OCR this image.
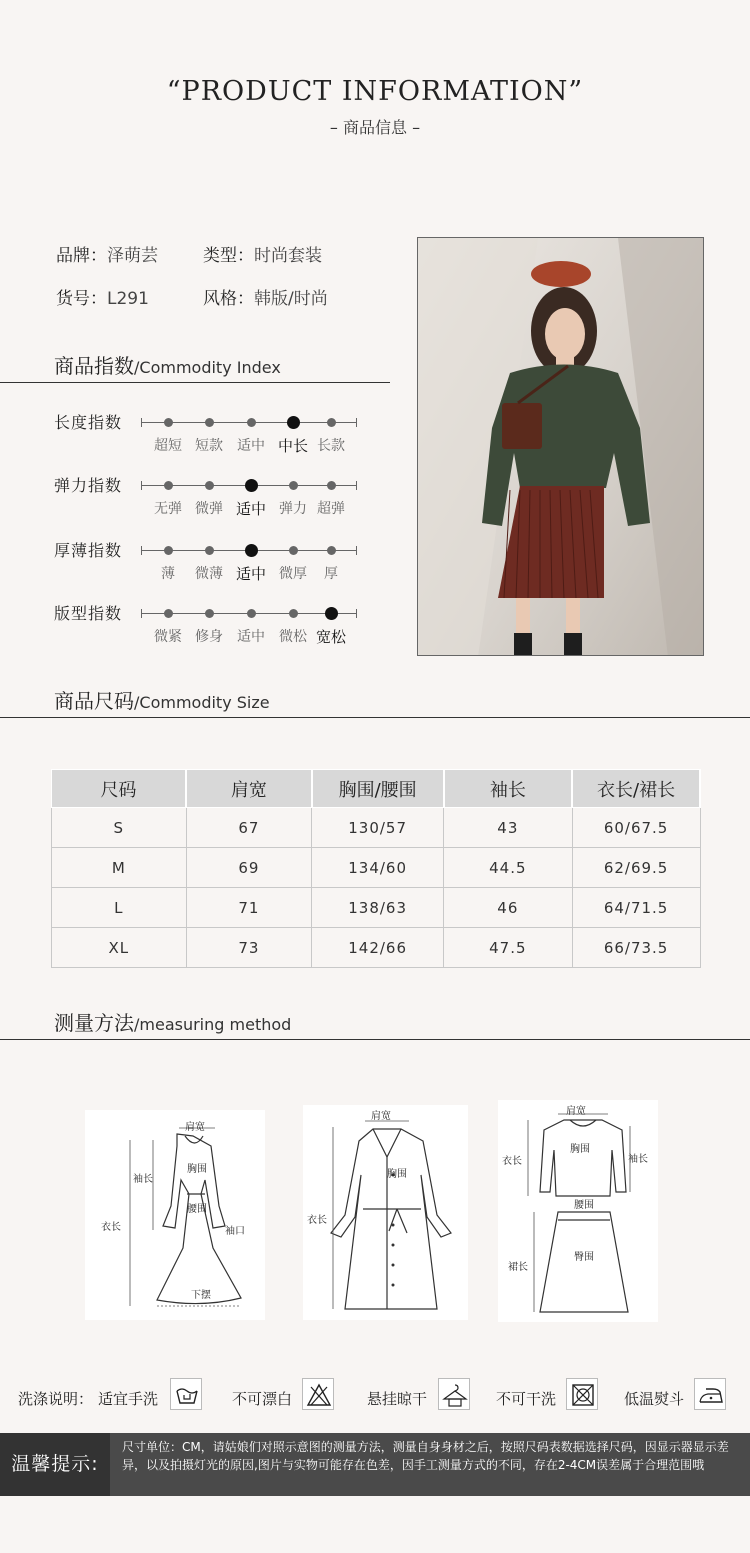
“PRODUCT INFORMATION”
– 商品信息 –
品牌：泽萌芸	类型：时尚套装
货号：L291	风格：韩版/时尚
商品指数/Commodity Index
长度指数
超短 短款	适中 中长 长款
弹力指数
无弹 微弹 适中 弹力 超弹
厚薄指数
薄	微薄 适中 微厚	厚
版型指数
微紧 修身	适中	微松 宽松
商品尺码/Commodity Size
尺码	肩宽	胸围/腰围	袖长	衣长/裙长
S	67	130/57	43	60/67.5
M	69	134/60	44.5	62/69.5
L	71	138/63	46	64/71.5
XL	73	142/66	47.5	66/73.5
测量方法/measuring method
肩宽
袖长
胸围
腰围
衣长	袖口
下摆
肩宽
胸围
衣长
肩宽
衣长	袖长
胸围
腰围
裙长
臀围
洗涤说明： 适宜手洗	不可漂白	悬挂晾干	不可干洗	低温熨斗
温馨提示:
尺寸单位：CM，请姑娘们对照示意图的测量方法，测量自身身材之后，按照尺码表数据选择尺码，因显示器显示差异，以及拍摄灯光的原因,图片与实物可能存在色差，因手工测量方式的不同，存在2-4CM误差属于合理范围哦
